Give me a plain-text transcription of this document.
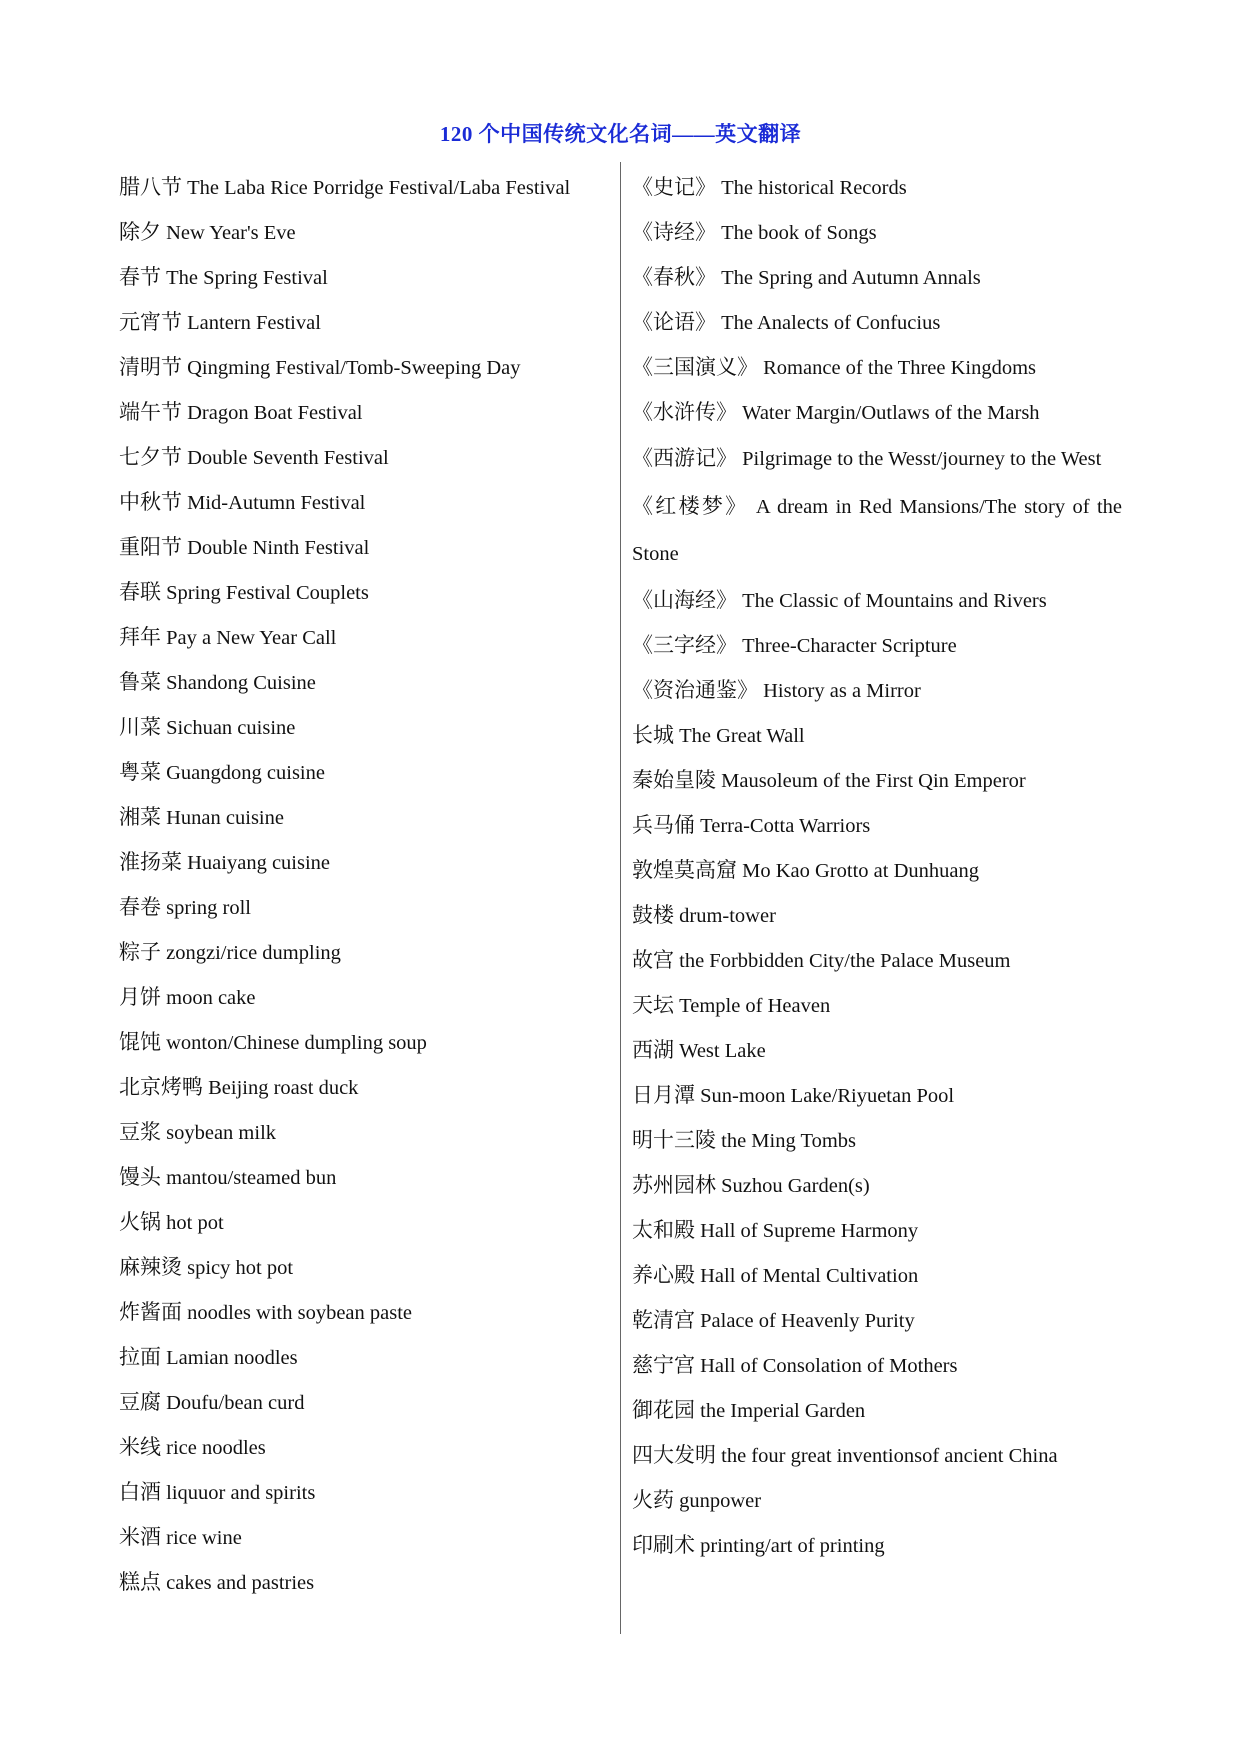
120 个中国传统文化名词——英文翻译
腊八节 The Laba Rice Porridge Festival/Laba Festival
除夕 New Year's Eve
春节 The Spring Festival
元宵节 Lantern Festival
清明节 Qingming Festival/Tomb-Sweeping Day
端午节 Dragon Boat Festival
七夕节 Double Seventh Festival
中秋节 Mid-Autumn Festival
重阳节 Double Ninth Festival
春联 Spring Festival Couplets
拜年 Pay a New Year Call
鲁菜 Shandong Cuisine
川菜 Sichuan cuisine
粤菜 Guangdong cuisine
湘菜 Hunan cuisine
淮扬菜 Huaiyang cuisine
春卷 spring roll
粽子 zongzi/rice dumpling
月饼 moon cake
馄饨 wonton/Chinese dumpling soup
北京烤鸭 Beijing roast duck
豆浆 soybean milk
馒头 mantou/steamed bun
火锅 hot pot
麻辣烫 spicy hot pot
炸酱面 noodles with soybean paste
拉面 Lamian noodles
豆腐 Doufu/bean curd
米线 rice noodles
白酒 liquuor and spirits
米酒 rice wine
糕点 cakes and pastries
《史记》 The historical Records
《诗经》 The book of Songs
《春秋》 The Spring and Autumn Annals
《论语》 The Analects of Confucius
《三国演义》 Romance of the Three Kingdoms
《水浒传》 Water Margin/Outlaws of the Marsh
《西游记》 Pilgrimage to the Wesst/journey to the West
《红楼梦》 A dream in Red Mansions/The story of the Stone
《山海经》 The Classic of Mountains and Rivers
《三字经》 Three-Character Scripture
《资治通鉴》 History as a Mirror
长城 The Great Wall
秦始皇陵 Mausoleum of the First Qin Emperor
兵马俑 Terra-Cotta Warriors
敦煌莫高窟 Mo Kao Grotto at Dunhuang
鼓楼 drum-tower
故宫 the Forbbidden City/the Palace Museum
天坛 Temple of Heaven
西湖 West Lake
日月潭 Sun-moon Lake/Riyuetan Pool
明十三陵 the Ming Tombs
苏州园林 Suzhou Garden(s)
太和殿 Hall of Supreme Harmony
养心殿 Hall of Mental Cultivation
乾清宫 Palace of Heavenly Purity
慈宁宫 Hall of Consolation of Mothers
御花园 the Imperial Garden
四大发明 the four great inventionsof ancient China
火药 gunpower
印刷术 printing/art of printing
